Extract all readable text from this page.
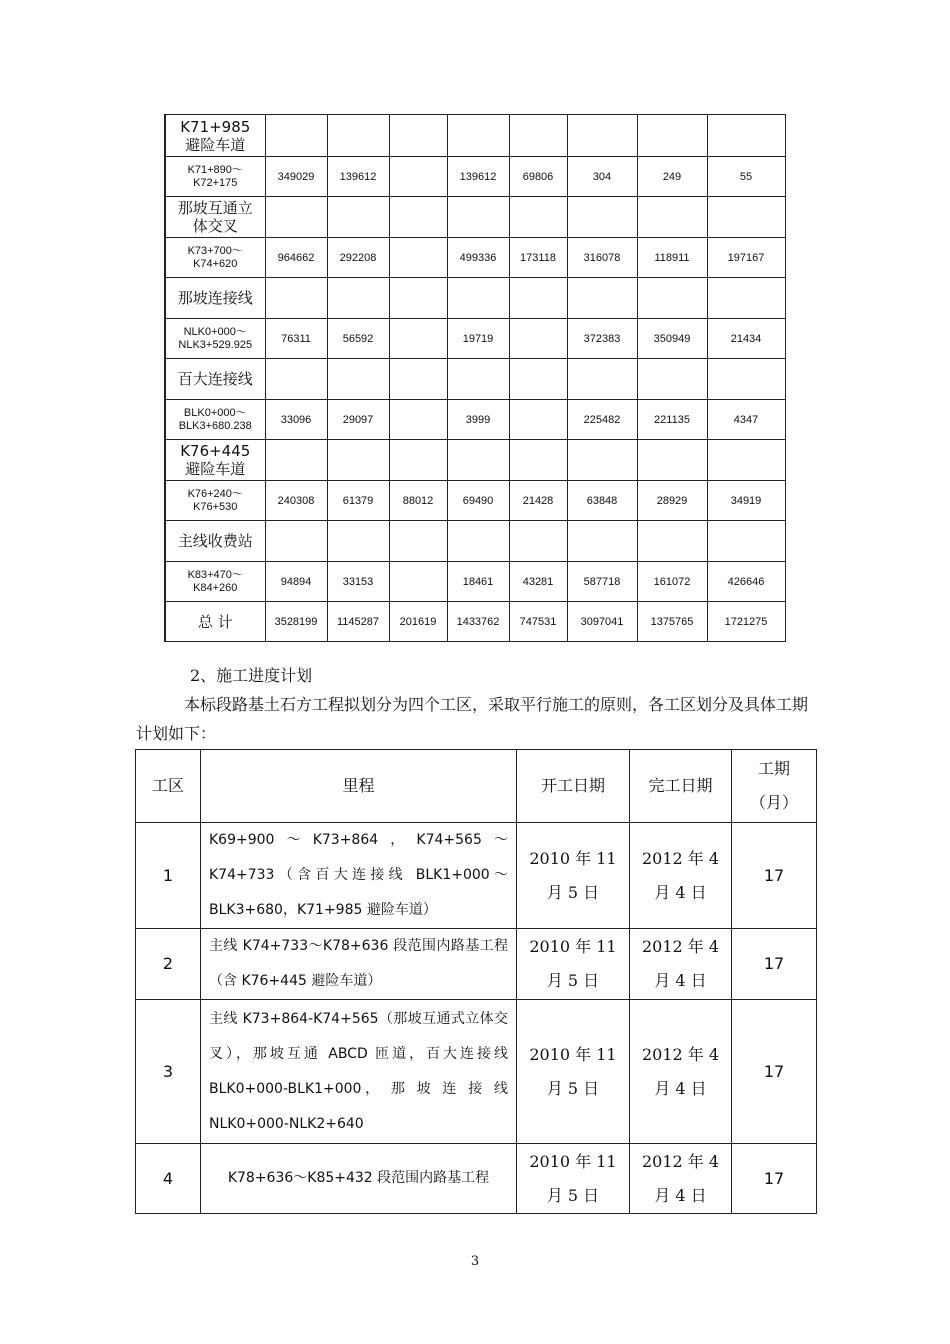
K71+985 避险车道								
K71+890～K72+175	349029	139612		139612	69806	304	249	55
那坡互通立体交叉								
K73+700～K74+620	964662	292208		499336	173118	316078	118911	197167
那坡连接线								
NLK0+000～NLK3+529.925	76311	56592		19719		372383	350949	21434
百大连接线								
BLK0+000～BLK3+680.238	33096	29097		3999		225482	221135	4347
K76+445 避险车道								
K76+240～K76+530	240308	61379	88012	69490	21428	63848	28929	34919
主线收费站								
K83+470～K84+260	94894	33153		18461	43281	587718	161072	426646
总 计	3528199	1145287	201619	1433762	747531	3097041	1375765	1721275
2、施工进度计划
本标段路基土石方工程拟划分为四个工区，采取平行施工的原则，各工区划分及具体工期计划如下：
工区	里程	开工日期	完工日期	工期（月）
1	K69+900～K73+864，K74+565～K74+733（含百大连接线 BLK1+000～BLK3+680，K71+985 避险车道）	2010 年 11 月 5 日	2012 年 4 月 4 日	17
2	主线 K74+733～K78+636 段范围内路基工程（含 K76+445 避险车道）	2010 年 11 月 5 日	2012 年 4 月 4 日	17
3	主线 K73+864-K74+565（那坡互通式立体交叉），那坡互通 ABCD 匝道，百大连接线 BLK0+000-BLK1+000， 那 坡 连 接 线 NLK0+000-NLK2+640	2010 年 11 月 5 日	2012 年 4 月 4 日	17
4	K78+636～K85+432 段范围内路基工程	2010 年 11 月 5 日	2012 年 4 月 4 日	17
3
